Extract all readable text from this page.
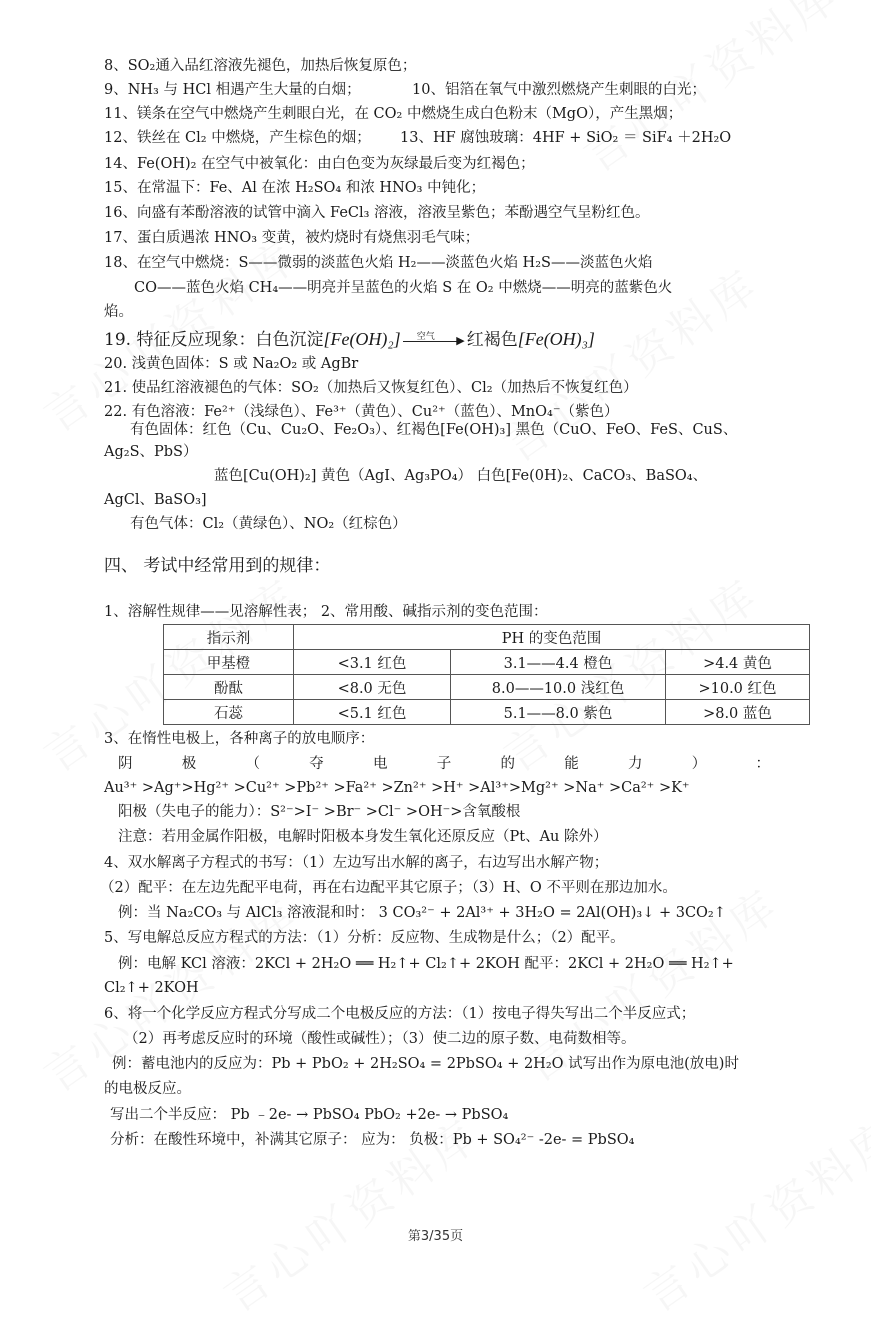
8、SO₂通入品红溶液先褪色，加热后恢复原色；
9、NH₃ 与 HCl 相遇产生大量的白烟；	10、铝箔在氧气中激烈燃烧产生刺眼的白光；
11、镁条在空气中燃烧产生刺眼白光，在 CO₂ 中燃烧生成白色粉末（MgO），产生黑烟；
12、铁丝在 Cl₂ 中燃烧，产生棕色的烟； 13、HF 腐蚀玻璃：4HF + SiO₂ ＝ SiF₄ ＋2H₂O
14、Fe(OH)₂ 在空气中被氧化：由白色变为灰绿最后变为红褐色；
15、在常温下：Fe、Al 在浓 H₂SO₄ 和浓 HNO₃ 中钝化；
16、向盛有苯酚溶液的试管中滴入 FeCl₃ 溶液，溶液呈紫色；苯酚遇空气呈粉红色。
17、蛋白质遇浓 HNO₃ 变黄，被灼烧时有烧焦羽毛气味；
18、在空气中燃烧：S——微弱的淡蓝色火焰 H₂——淡蓝色火焰 H₂S——淡蓝色火焰
CO——蓝色火焰 CH₄——明亮并呈蓝色的火焰 S 在 O₂ 中燃烧——明亮的蓝紫色火
焰。
19. 特征反应现象：白色沉淀[Fe(OH)₂] 空气 ▶ 红褐色[Fe(OH)₃]
20. 浅黄色固体：S 或 Na₂O₂ 或 AgBr
21. 使品红溶液褪色的气体：SO₂（加热后又恢复红色）、Cl₂（加热后不恢复红色）
22. 有色溶液：Fe²⁺（浅绿色）、Fe³⁺（黄色）、Cu²⁺（蓝色）、MnO₄⁻（紫色）
有色固体：红色（Cu、Cu₂O、Fe₂O₃）、红褐色[Fe(OH)₃] 黑色（CuO、FeO、FeS、CuS、
Ag₂S、PbS）
蓝色[Cu(OH)₂] 黄色（AgI、Ag₃PO₄） 白色[Fe(0H)₂、CaCO₃、BaSO₄、
AgCl、BaSO₃]
有色气体：Cl₂（黄绿色）、NO₂（红棕色）
四、 考试中经常用到的规律：
1、溶解性规律——见溶解性表； 2、常用酸、碱指示剂的变色范围：
指示剂	PH 的变色范围		
甲基橙	<3.1 红色	3.1——4.4 橙色	>4.4 黄色
酚酞	<8.0 无色	8.0——10.0 浅红色	>10.0 红色
石蕊	<5.1 红色	5.1——8.0 紫色	>8.0 蓝色
3、在惰性电极上，各种离子的放电顺序：
阴	极	（	夺	电	子	的	能	力	）	：
Au³⁺ >Ag⁺>Hg²⁺ >Cu²⁺ >Pb²⁺ >Fa²⁺ >Zn²⁺ >H⁺ >Al³⁺>Mg²⁺ >Na⁺ >Ca²⁺ >K⁺
阳极（失电子的能力）：S²⁻>I⁻ >Br⁻ >Cl⁻ >OH⁻>含氧酸根
注意：若用金属作阳极，电解时阳极本身发生氧化还原反应（Pt、Au 除外）
4、双水解离子方程式的书写：（1）左边写出水解的离子，右边写出水解产物；
（2）配平：在左边先配平电荷，再在右边配平其它原子；（3）H、O 不平则在那边加水。
例：当 Na₂CO₃ 与 AlCl₃ 溶液混和时： 3 CO₃²⁻ + 2Al³⁺ + 3H₂O = 2Al(OH)₃↓ + 3CO₂↑
5、写电解总反应方程式的方法：（1）分析：反应物、生成物是什么；（2）配平。
例：电解 KCl 溶液：2KCl + 2H₂O ══ H₂↑+ Cl₂↑+ 2KOH 配平：2KCl + 2H₂O ══ H₂↑+
Cl₂↑+ 2KOH
6、将一个化学反应方程式分写成二个电极反应的方法：（1）按电子得失写出二个半反应式；
（2）再考虑反应时的环境（酸性或碱性）；（3）使二边的原子数、电荷数相等。
例：蓄电池内的反应为：Pb + PbO₂ + 2H₂SO₄ = 2PbSO₄ + 2H₂O 试写出作为原电池(放电)时
的电极反应。
写出二个半反应： Pb ﹣2e- → PbSO₄ PbO₂ +2e- → PbSO₄
分析：在酸性环境中，补满其它原子： 应为： 负极：Pb + SO₄²⁻ -2e- = PbSO₄
第3/35页
